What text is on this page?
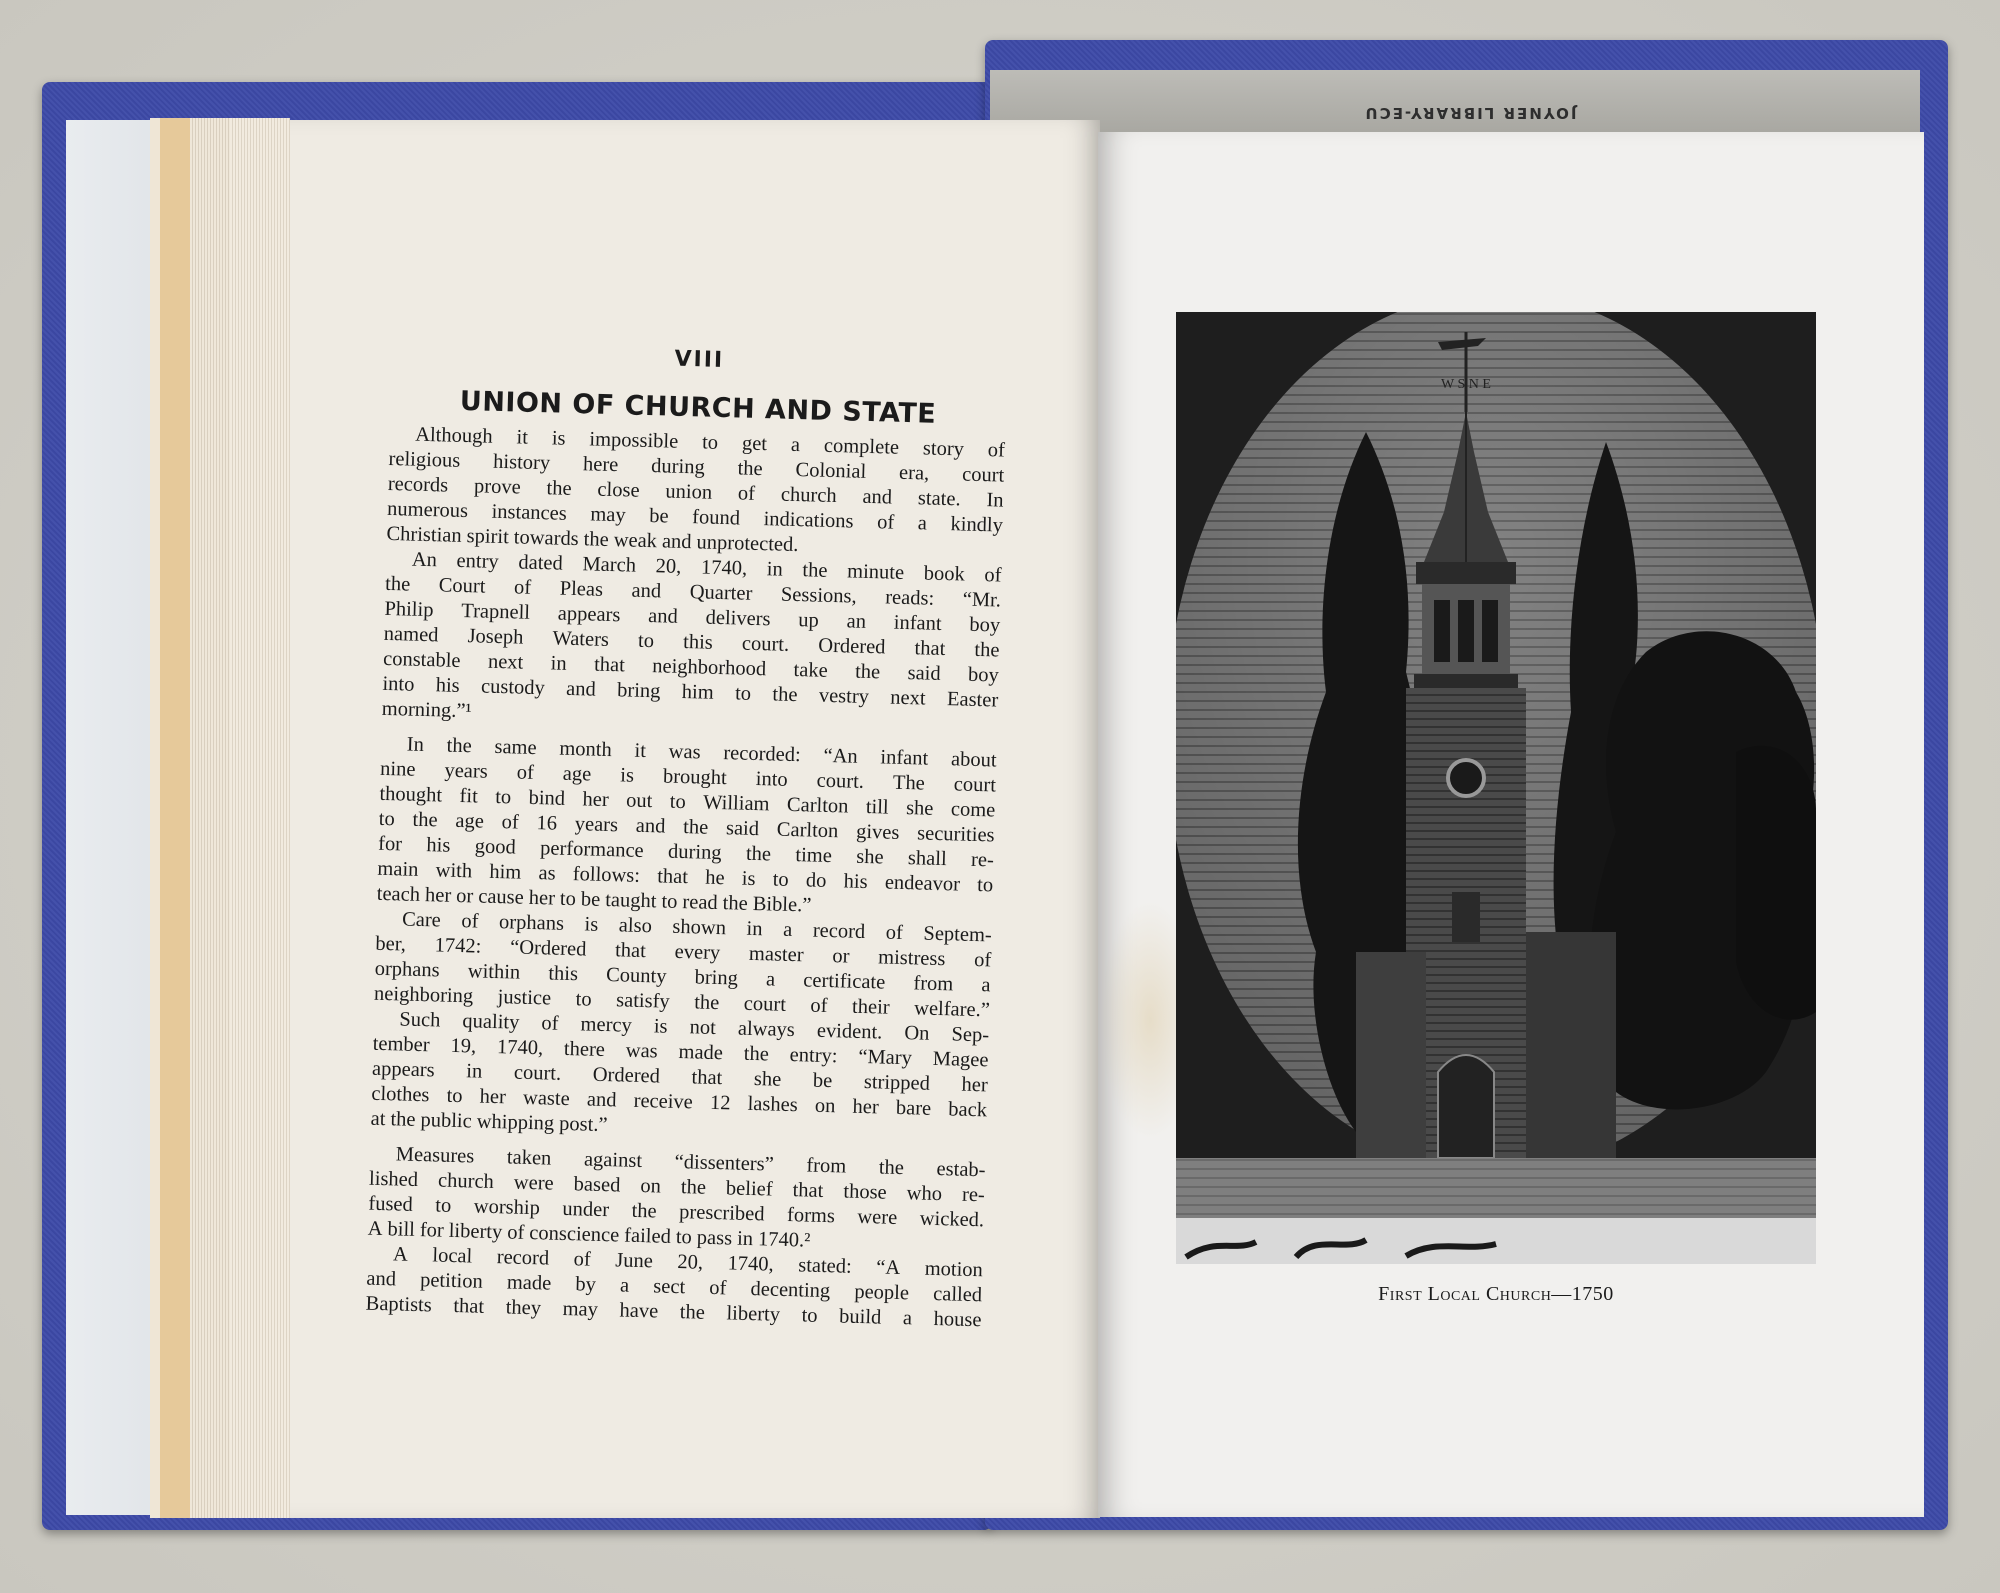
JOYNER LIBRARY-ECU
VIII
UNION OF CHURCH AND STATE
Although it is impossible to get a complete story of
religious history here during the Colonial era, court
records prove the close union of church and state. In
numerous instances may be found indications of a kindly
Christian spirit towards the weak and unprotected.
An entry dated March 20, 1740, in the minute book of
the Court of Pleas and Quarter Sessions, reads: “Mr.
Philip Trapnell appears and delivers up an infant boy
named Joseph Waters to this court. Ordered that the
constable next in that neighborhood take the said boy
into his custody and bring him to the vestry next Easter
morning.”¹
In the same month it was recorded: “An infant about
nine years of age is brought into court. The court
thought fit to bind her out to William Carlton till she come
to the age of 16 years and the said Carlton gives securities
for his good performance during the time she shall re-
main with him as follows: that he is to do his endeavor to
teach her or cause her to be taught to read the Bible.”
Care of orphans is also shown in a record of Septem-
ber, 1742: “Ordered that every master or mistress of
orphans within this County bring a certificate from a
neighboring justice to satisfy the court of their welfare.”
Such quality of mercy is not always evident. On Sep-
tember 19, 1740, there was made the entry: “Mary Magee
appears in court. Ordered that she be stripped her
clothes to her waste and receive 12 lashes on her bare back
at the public whipping post.”
Measures taken against “dissenters” from the estab-
lished church were based on the belief that those who re-
fused to worship under the prescribed forms were wicked.
A bill for liberty of conscience failed to pass in 1740.²
A local record of June 20, 1740, stated: “A motion
and petition made by a sect of decenting people called
Baptists that they may have the liberty to build a house
W S N E
First Local Church—1750
